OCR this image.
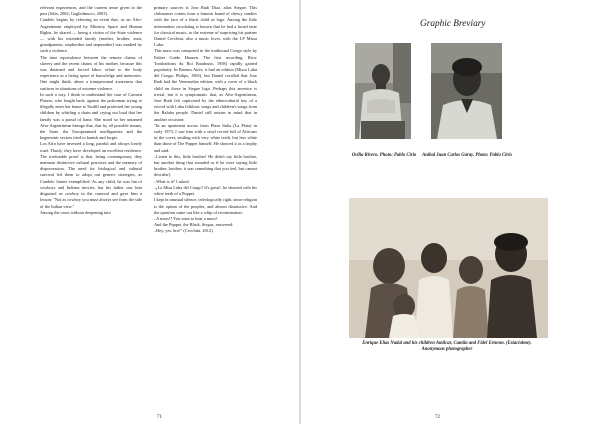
relevant experiences, and the current sense given to the past (Jelin, 2002; Gagliolmucci, 2003).

Candelo begins by referring an event that, as an Afro-Argentinean employed by Ministry Space and Human Rights, he shared — being a victim of the State violence — with his extended family (mother, brother, aunt, grandparents, stepbrother and stepmother) was marked by such a violence.

The time equivalence between the remote chains of slavery and the recent chains of his mother, because this was detained and forced labor, relate to the body experience as a living space of knowledge and memories. One might think, about a transpersonal awareness that surfaces in situations of extreme violence.

In such a way, I think to understand the case of Carmen Platero, who fought back, against the policeman trying to illegally enter her home at Turdill and protected her young children by whirling a chain and crying out loud that her family was a proud of liana. She stood so her untamed Afro-Argentinean lineage that, that by all possible means, the State, the Europeanized intelligentsia and the hegemonic sectors tried to banish and forget.

Los Afro have invested a long, painful and always lonely road. Thusly, they have developed an excellent resilience. The irrefutable proof is that, being contemporary, they maintain distinctive cultural practices and the memory of dispossession. The need for biological and cultural survival led them to adopt out generic strategies, as Candelo Juárez exemplified: As any child, he was fan of cowboys and Indians movies, but his father saw him disguised as cowboy in the carnival and gave him a lesson: "Not as cowboy you must always see from the side of the Indian view."

Among the cases without deepening into

primary sources is Jose Rudi Diaz, alias Siegue. This clubmaster comes from a famous brand of chewy candies with the face of a black child as logo. Among the little information circulating is known that he had a broad taste for classical music, to the extreme of surprising his partner Daniel Cecchini, also a music lover, with the LP Missa Luba.

This mass was composed in the traditional Congo style by Father Guido Haazen. The first recording. Rica: Troubadours du Roi Baudouin, 1958) rapidly gained popularity. In Buenos Aires, it had an edition (Missa Luba del Congo. Philips, 1965), but Daniel recalled that Jose Rudi had the Venezuelan edition, with a cover of a black child on those in Siegue logo. Perhaps this ancestor is trivial, but it is symptomatic that, as Afro-Argentinean, Jose Rudi felt captivated by the ethnocultural key of a record with Luba folkloric songs and children's songs from the Baluba people. Daniel still retains in mind that in another occasion:

"In an apartment across from Plaza Italia (La Plata) in early 1973, I saw him with a vinyl record full of Africans in the cover, smiling with very white teeth, but less white than those of The Puppet himself. He showed it as a trophy and said:

–Listen to this, little brother! He didn't say little brother, but another thing that sounded as if he were saying little brother, brother; it was something that you feel, but cannot describe].

–What is it? I asked.

–¡La Misa Luba del Congo! It's great!, he shouted with his white teeth of a Puppet.

I kept in unusual silence, teleologically right, since religion is the opium of the peoples, and almost dismissive. And the question came out like a whip of recrimination:

–A mass!? You want to hear a mass?

And the Puppet, the Black, Siegus, answered:

–Hey, yes, bro!" (Cecchini, 2012).

71
Graphic Breviary
Ovilia Rivero. Photo: Pablo Cirio	Aníbal Juan Carlos Garay. Photo: Pablo Cirio
Enrique Elías Nadal and his children Amílcar, Camila and Fidel Ernesto. (Estaciolme). Anonymous photographer
72
